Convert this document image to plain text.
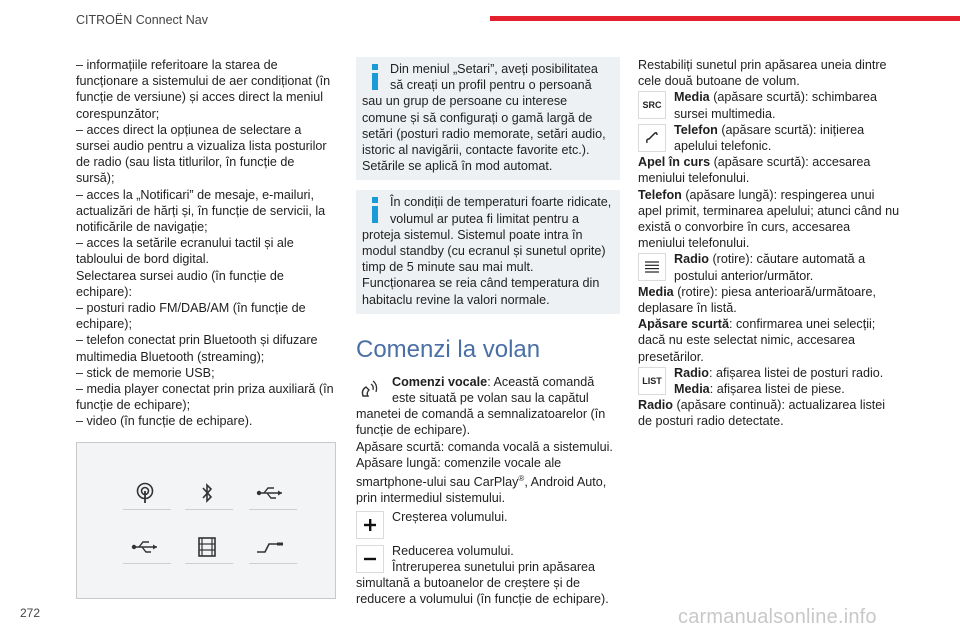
CITROËN Connect Nav

– informațiile referitoare la starea de funcționare a sistemului de aer condiționat (în funcție de versiune) și acces direct la meniul corespunzător;

– acces direct la opțiunea de selectare a sursei audio pentru a vizualiza lista posturilor de radio (sau lista titlurilor, în funcție de sursă);

– acces la „Notificari” de mesaje, e-mailuri, actualizări de hărți și, în funcție de servicii, la notificările de navigație;

– acces la setările ecranului tactil și ale tabloului de bord digital.

Selectarea sursei audio (în funcție de echipare):

– posturi radio FM/DAB/AM (în funcție de echipare);

– telefon conectat prin Bluetooth și difuzare multimedia Bluetooth (streaming);

– stick de memorie USB;

– media player conectat prin priza auxiliară (în funcție de echipare);

– video (în funcție de echipare).

Din meniul „Setari”, aveți posibilitatea să creați un profil pentru o persoană sau un grup de persoane cu interese comune și să configurați o gamă largă de setări (posturi radio memorate, setări audio, istoric al navigării, contacte favorite etc.). Setările se aplică în mod automat.

În condiții de temperaturi foarte ridicate, volumul ar putea fi limitat pentru a proteja sistemul. Sistemul poate intra în modul standby (cu ecranul și sunetul oprite) timp de 5 minute sau mai mult.

Funcționarea se reia când temperatura din habitaclu revine la valori normale.

Comenzi la volan

Comenzi vocale: Această comandă este situată pe volan sau la capătul manetei de comandă a semnalizatoarelor (în funcție de echipare).

Apăsare scurtă: comanda vocală a sistemului.

Apăsare lungă: comenzile vocale ale smartphone-ului sau CarPlay®, Android Auto, prin intermediul sistemului.

Creșterea volumului.

Reducerea volumului.

Întreruperea sunetului prin apăsarea simultană a butoanelor de creștere și de reducere a volumului (în funcție de echipare).

Restabiliți sunetul prin apăsarea uneia dintre cele două butoane de volum.

SRC

Media (apăsare scurtă): schimbarea sursei multimedia.

Telefon (apăsare scurtă): inițierea apelului telefonic.

Apel în curs (apăsare scurtă): accesarea meniului telefonului.

Telefon (apăsare lungă): respingerea unui apel primit, terminarea apelului; atunci când nu există o convorbire în curs, accesarea meniului telefonului.

Radio (rotire): căutare automată a postului anterior/următor.

Media (rotire): piesa anterioară/următoare, deplasare în listă.

Apăsare scurtă: confirmarea unei selecții; dacă nu este selectat nimic, accesarea presetărilor.

LIST

Radio: afișarea listei de posturi radio.

Media: afișarea listei de piese.

Radio (apăsare continuă): actualizarea listei de posturi radio detectate.

272	carmanualsonline.info
